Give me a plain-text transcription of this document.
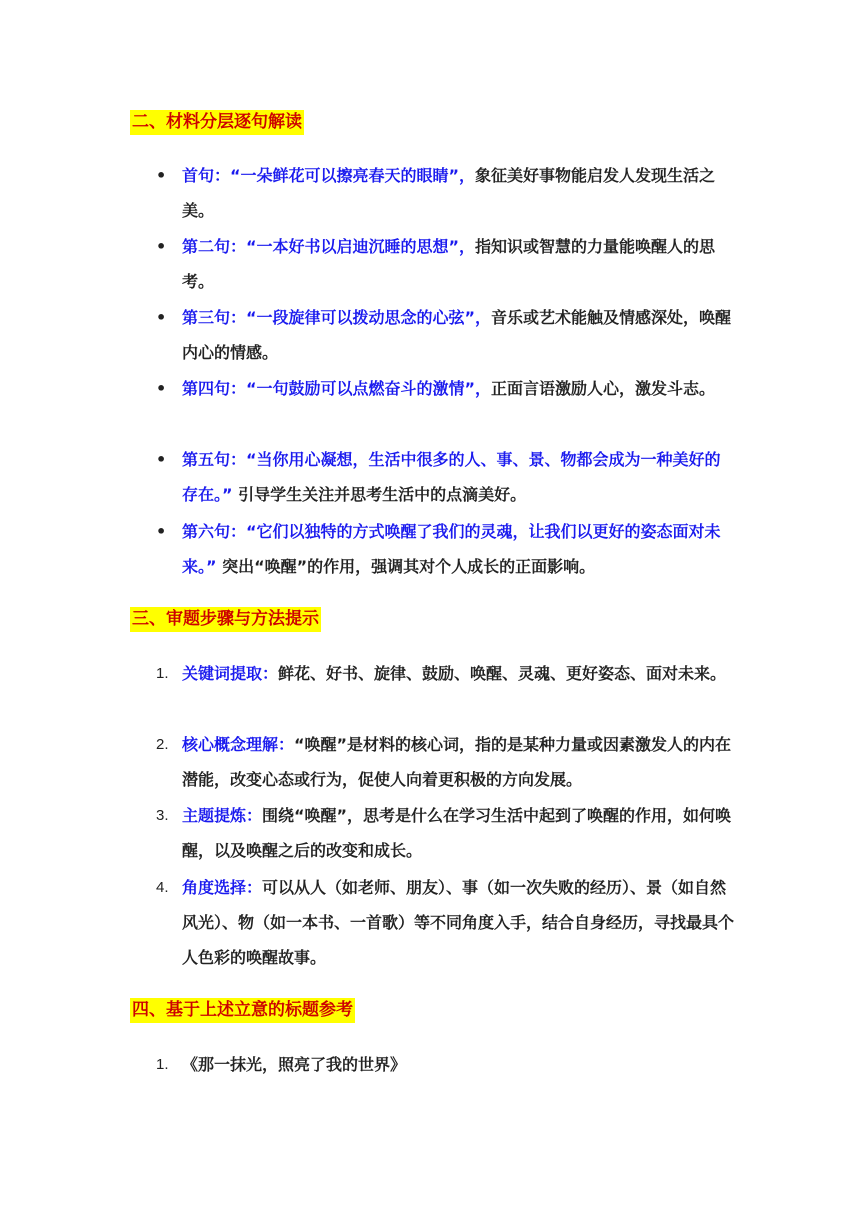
二、材料分层逐句解读
• 首句：“一朵鲜花可以擦亮春天的眼睛”，象征美好事物能启发人发现生活之美。
• 第二句：“一本好书以启迪沉睡的思想”，指知识或智慧的力量能唤醒人的思考。
• 第三句：“一段旋律可以拨动思念的心弦”，音乐或艺术能触及情感深处，唤醒内心的情感。
• 第四句：“一句鼓励可以点燃奋斗的激情”，正面言语激励人心，激发斗志。
• 第五句：“当你用心凝想，生活中很多的人、事、景、物都会成为一种美好的存在。” 引导学生关注并思考生活中的点滴美好。
• 第六句：“它们以独特的方式唤醒了我们的灵魂，让我们以更好的姿态面对未来。” 突出“唤醒”的作用，强调其对个人成长的正面影响。
三、审题步骤与方法提示
1. 关键词提取：鲜花、好书、旋律、鼓励、唤醒、灵魂、更好姿态、面对未来。
2. 核心概念理解：“唤醒”是材料的核心词，指的是某种力量或因素激发人的内在潜能，改变心态或行为，促使人向着更积极的方向发展。
3. 主题提炼：围绕“唤醒”，思考是什么在学习生活中起到了唤醒的作用，如何唤醒，以及唤醒之后的改变和成长。
4. 角度选择：可以从人（如老师、朋友）、事（如一次失败的经历）、景（如自然风光）、物（如一本书、一首歌）等不同角度入手，结合自身经历，寻找最具个人色彩的唤醒故事。
四、基于上述立意的标题参考
1. 《那一抹光，照亮了我的世界》
